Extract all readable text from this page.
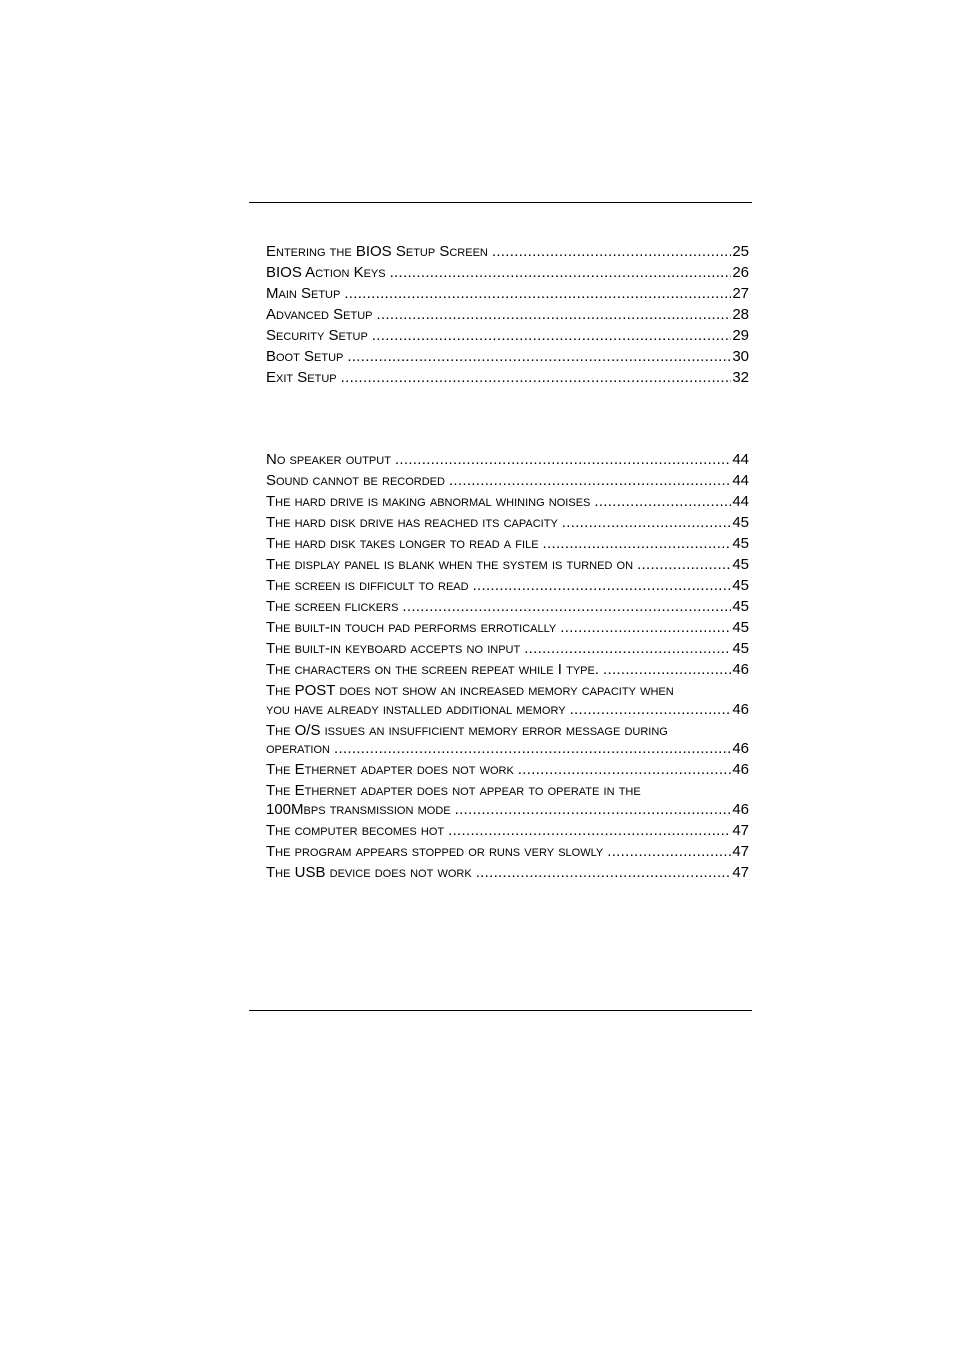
Entering the BIOS Setup Screen .....	25
BIOS Action Keys .....	26
Main Setup .....	27
Advanced Setup .....	28
Security Setup .....	29
Boot Setup .....	30
Exit Setup .....	32
No speaker output .....	44
Sound cannot be recorded .....	44
The hard drive is making abnormal whining noises .....	44
The hard disk drive has reached its capacity .....	45
The hard disk takes longer to read a file .....	45
The display panel is blank when the system is turned on .....	45
The screen is difficult to read .....	45
The screen flickers .....	45
The built-in touch pad performs errotically .....	45
The built-in keyboard accepts no input .....	45
The characters on the screen repeat while I type. .....	46
The POST does not show an increased memory capacity when
you have already installed additional memory .....	46
The O/S issues an insufficient memory error message during
operation .....	46
The Ethernet adapter does not work .....	46
The Ethernet adapter does not appear to operate in the
100Mbps transmission mode .....	46
The computer becomes hot .....	47
The program appears stopped or runs very slowly .....	47
The USB device does not work .....	47
